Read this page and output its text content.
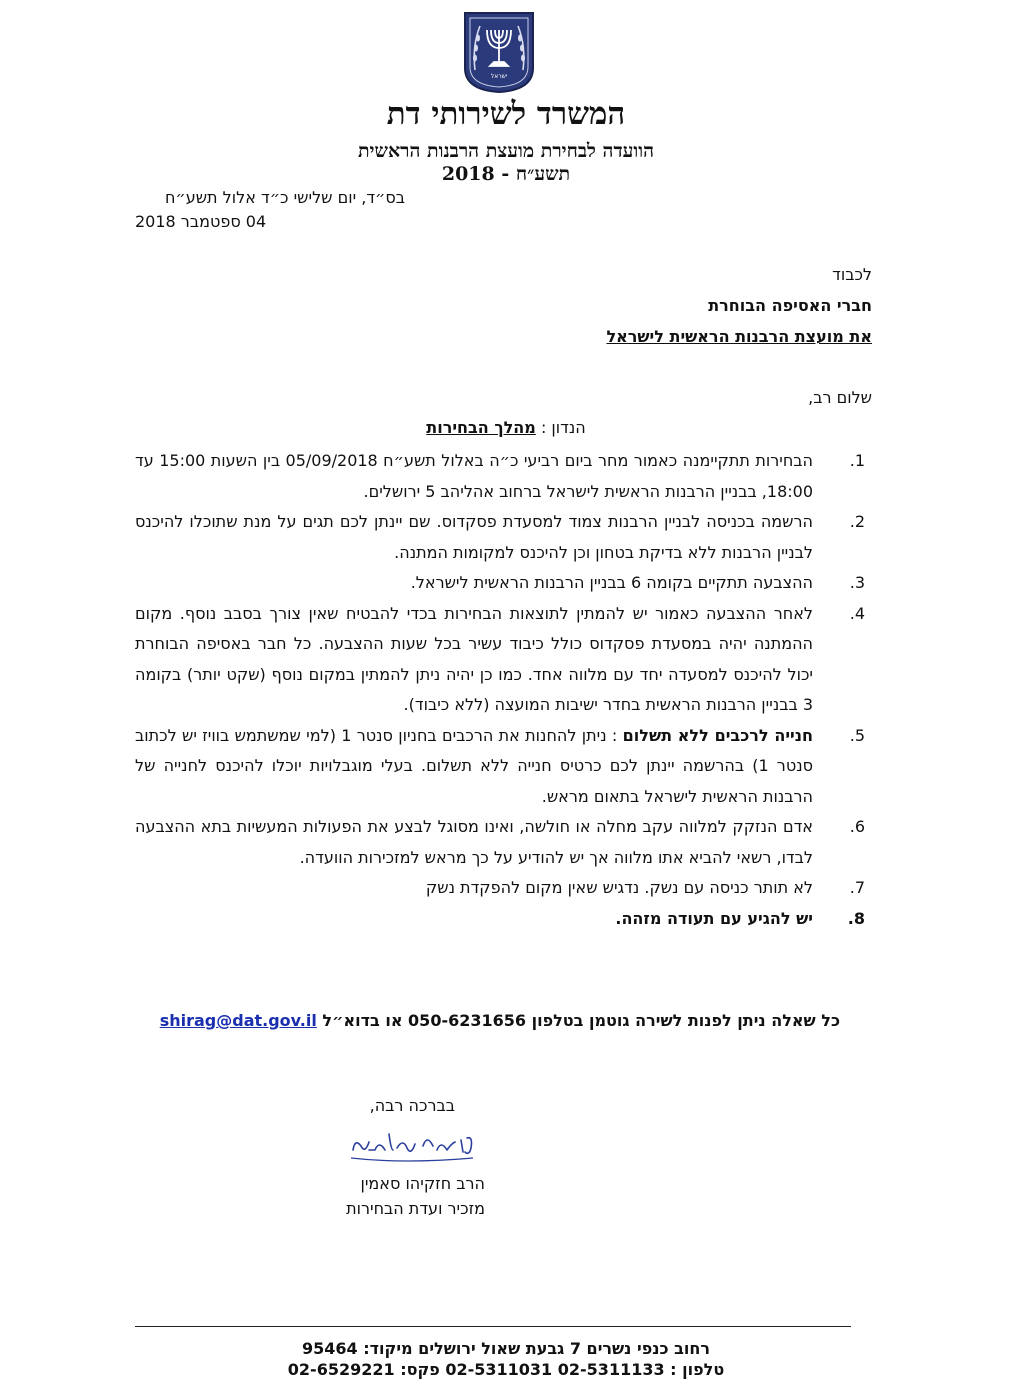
ישראל
המשרד לשירותי דת
הוועדה לבחירת מועצת הרבנות הראשית
תשע״ח - 2018
בס״ד, יום שלישי כ״ד אלול תשע״ח
04 ספטמבר 2018
לכבוד
חברי האסיפה הבוחרת
את מועצת הרבנות הראשית לישראל
שלום רב,
הנדון : מהלך הבחירות
1.
הבחירות תתקיימנה כאמור מחר ביום רביעי כ״ה באלול תשע״ח 05/09/2018 בין השעות 15:00 עד 18:00, בבניין הרבנות הראשית לישראל ברחוב אהליהב 5 ירושלים.
2.
הרשמה בכניסה לבניין הרבנות צמוד למסעדת פסקדוס. שם יינתן לכם תגים על מנת שתוכלו להיכנס לבניין הרבנות ללא בדיקת בטחון וכן להיכנס למקומות המתנה.
3.
ההצבעה תתקיים בקומה 6 בבניין הרבנות הראשית לישראל.
4.
לאחר ההצבעה כאמור יש להמתין לתוצאות הבחירות בכדי להבטיח שאין צורך בסבב נוסף. מקום ההמתנה יהיה במסעדת פסקדוס כולל כיבוד עשיר בכל שעות ההצבעה. כל חבר באסיפה הבוחרת יכול להיכנס למסעדה יחד עם מלווה אחד. כמו כן יהיה ניתן להמתין במקום נוסף (שקט יותר) בקומה 3 בבניין הרבנות הראשית בחדר ישיבות המועצה (ללא כיבוד).
5.
חנייה לרכבים ללא תשלום : ניתן להחנות את הרכבים בחניון סנטר 1 (למי שמשתמש בוויז יש לכתוב סנטר 1) בהרשמה יינתן לכם כרטיס חנייה ללא תשלום. בעלי מוגבלויות יוכלו להיכנס לחנייה של הרבנות הראשית לישראל בתאום מראש.
6.
אדם הנזקק למלווה עקב מחלה או חולשה, ואינו מסוגל לבצע את הפעולות המעשיות בתא ההצבעה לבדו, רשאי להביא אתו מלווה אך יש להודיע על כך מראש למזכירות הוועדה.
7.
לא תותר כניסה עם נשק. נדגיש שאין מקום להפקדת נשק
8.
יש להגיע עם תעודה מזהה.
כל שאלה ניתן לפנות לשירה גוטמן בטלפון 050-6231656 או בדוא״ל shirag@dat.gov.il
בברכה רבה,
הרב חזקיהו סאמין
מזכיר ועדת הבחירות
רחוב כנפי נשרים 7 גבעת שאול ירושלים מיקוד: 95464
טלפון : 02-5311133 02-5311031 פקס: 02-6529221
